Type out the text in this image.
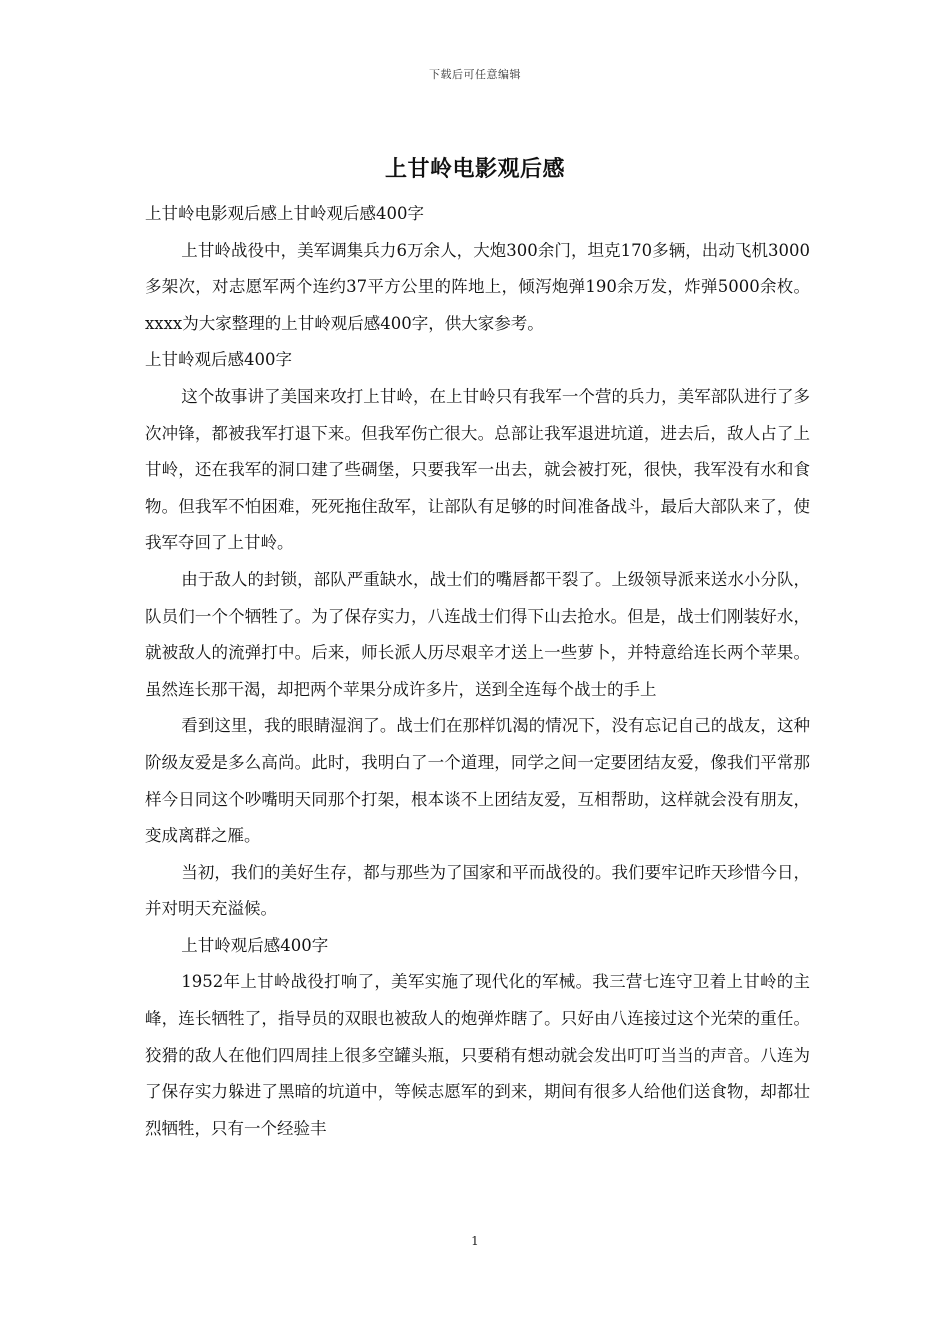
下载后可任意编辑
上甘岭电影观后感

上甘岭电影观后感上甘岭观后感400字

上甘岭战役中，美军调集兵力6万余人，大炮300余门，坦克170多辆，出动飞机3000多架次，对志愿军两个连约37平方公里的阵地上，倾泻炮弹190余万发，炸弹5000余枚。xxxx为大家整理的上甘岭观后感400字，供大家参考。

上甘岭观后感400字

这个故事讲了美国来攻打上甘岭，在上甘岭只有我军一个营的兵力，美军部队进行了多次冲锋，都被我军打退下来。但我军伤亡很大。总部让我军退进坑道，进去后，敌人占了上甘岭，还在我军的洞口建了些碉堡，只要我军一出去，就会被打死，很快，我军没有水和食物。但我军不怕困难，死死拖住敌军，让部队有足够的时间准备战斗，最后大部队来了，使我军夺回了上甘岭。

由于敌人的封锁，部队严重缺水，战士们的嘴唇都干裂了。上级领导派来送水小分队，队员们一个个牺牲了。为了保存实力，八连战士们得下山去抢水。但是，战士们刚装好水，就被敌人的流弹打中。后来，师长派人历尽艰辛才送上一些萝卜，并特意给连长两个苹果。虽然连长那干渴，却把两个苹果分成许多片，送到全连每个战士的手上

看到这里，我的眼睛湿润了。战士们在那样饥渴的情况下，没有忘记自己的战友，这种阶级友爱是多么高尚。此时，我明白了一个道理，同学之间一定要团结友爱，像我们平常那样今日同这个吵嘴明天同那个打架，根本谈不上团结友爱，互相帮助，这样就会没有朋友，变成离群之雁。

当初，我们的美好生存，都与那些为了国家和平而战役的。我们要牢记昨天珍惜今日，并对明天充溢候。

上甘岭观后感400字

1952年上甘岭战役打响了，美军实施了现代化的军械。我三营七连守卫着上甘岭的主峰，连长牺牲了，指导员的双眼也被敌人的炮弹炸瞎了。只好由八连接过这个光荣的重任。狡猾的敌人在他们四周挂上很多空罐头瓶，只要稍有想动就会发出叮叮当当的声音。八连为了保存实力躲进了黑暗的坑道中，等候志愿军的到来，期间有很多人给他们送食物，却都壮烈牺牲，只有一个经验丰

1
